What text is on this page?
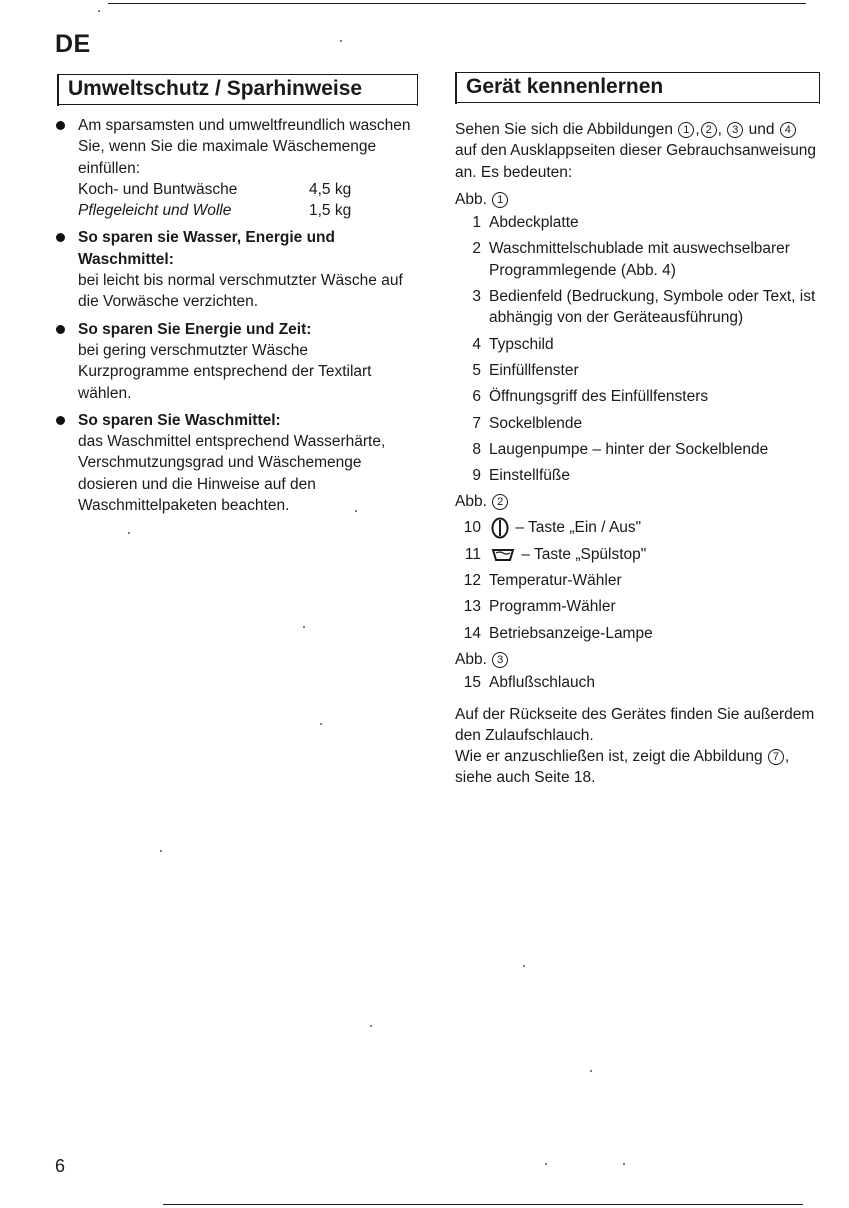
DE
Umweltschutz / Sparhinweise
Am sparsamsten und umweltfreundlich waschen Sie, wenn Sie die maximale Wäschemenge einfüllen:
Koch- und Buntwäsche	4,5 kg
Pflegeleicht und Wolle	1,5 kg
So sparen sie Wasser, Energie und Waschmittel:
bei leicht bis normal verschmutzter Wäsche auf die Vorwäsche verzichten.
So sparen Sie Energie und Zeit:
bei gering verschmutzter Wäsche Kurzprogramme entsprechend der Textilart wählen.
So sparen Sie Waschmittel:
das Waschmittel entsprechend Wasserhärte, Verschmutzungsgrad und Wäschemenge dosieren und die Hinweise auf den Waschmittelpaketen beachten.
Gerät kennenlernen
Sehen Sie sich die Abbildungen 1 , 2 , 3 und 4 auf den Ausklappseiten dieser Gebrauchsanweisung an. Es bedeuten:
Abb. 1
1 Abdeckplatte
2 Waschmittelschublade mit auswechselbarer Programmlegende (Abb. 4)
3 Bedienfeld (Bedruckung, Symbole oder Text, ist abhängig von der Geräteausführung)
4 Typschild
5 Einfüllfenster
6 Öffnungsgriff des Einfüllfensters
7 Sockelblende
8 Laugenpumpe – hinter der Sockelblende
9 Einstellfüße
Abb. 2
10	– Taste „Ein / Aus"
11	– Taste „Spülstop"
12 Temperatur-Wähler
13 Programm-Wähler
14 Betriebsanzeige-Lampe
Abb. 3
15 Abflußschlauch
Auf der Rückseite des Gerätes finden Sie außerdem den Zulaufschlauch.
Wie er anzuschließen ist, zeigt die Abbildung 7 , siehe auch Seite 18.
6
